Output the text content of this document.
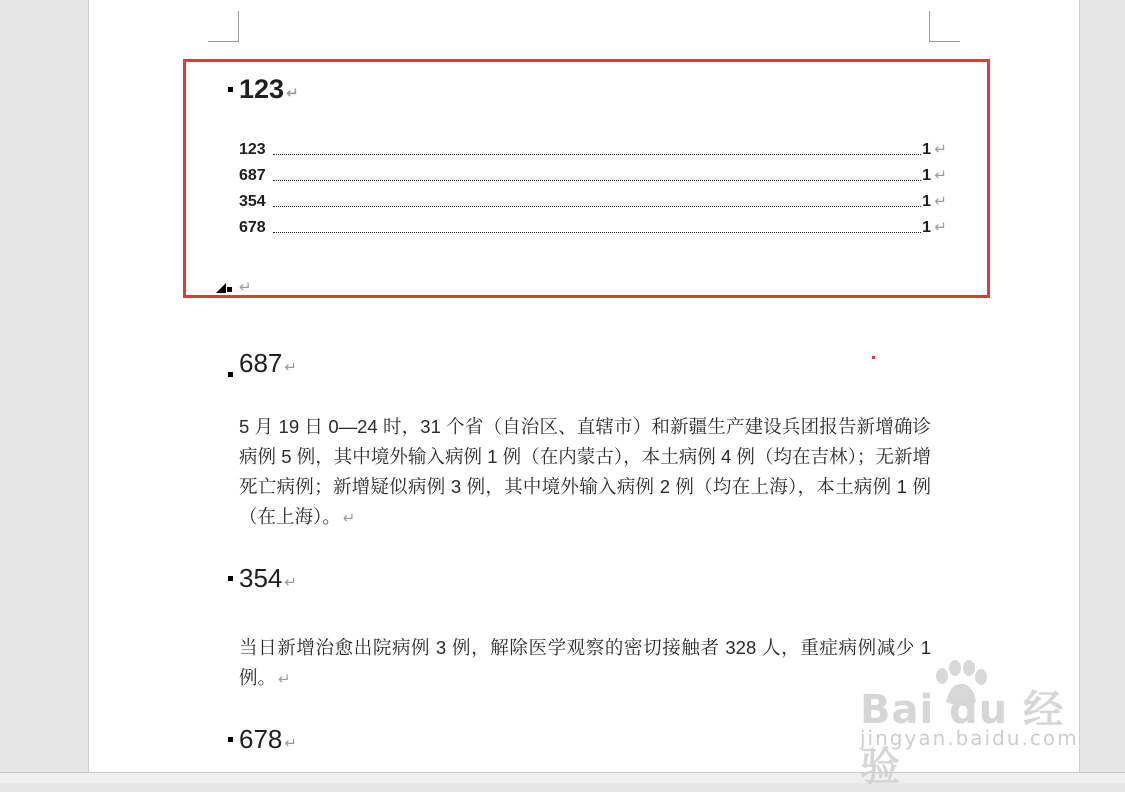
123 ↵
123	1 ↵
687	1 ↵
354	1 ↵
678	1 ↵
↵
687 ↵
5 月 19 日 0—24 时，31 个省（自治区、直辖市）和新疆生产建设兵团报告新增确诊病例 5 例，其中境外输入病例 1 例（在内蒙古），本土病例 4 例（均在吉林）；无新增死亡病例；新增疑似病例 3 例，其中境外输入病例 2 例（均在上海），本土病例 1 例（在上海）。 ↵
354 ↵
当日新增治愈出院病例 3 例，解除医学观察的密切接触者 328 人，重症病例减少 1 例。 ↵
678 ↵
Bai du 经验
jingyan.baidu.com
